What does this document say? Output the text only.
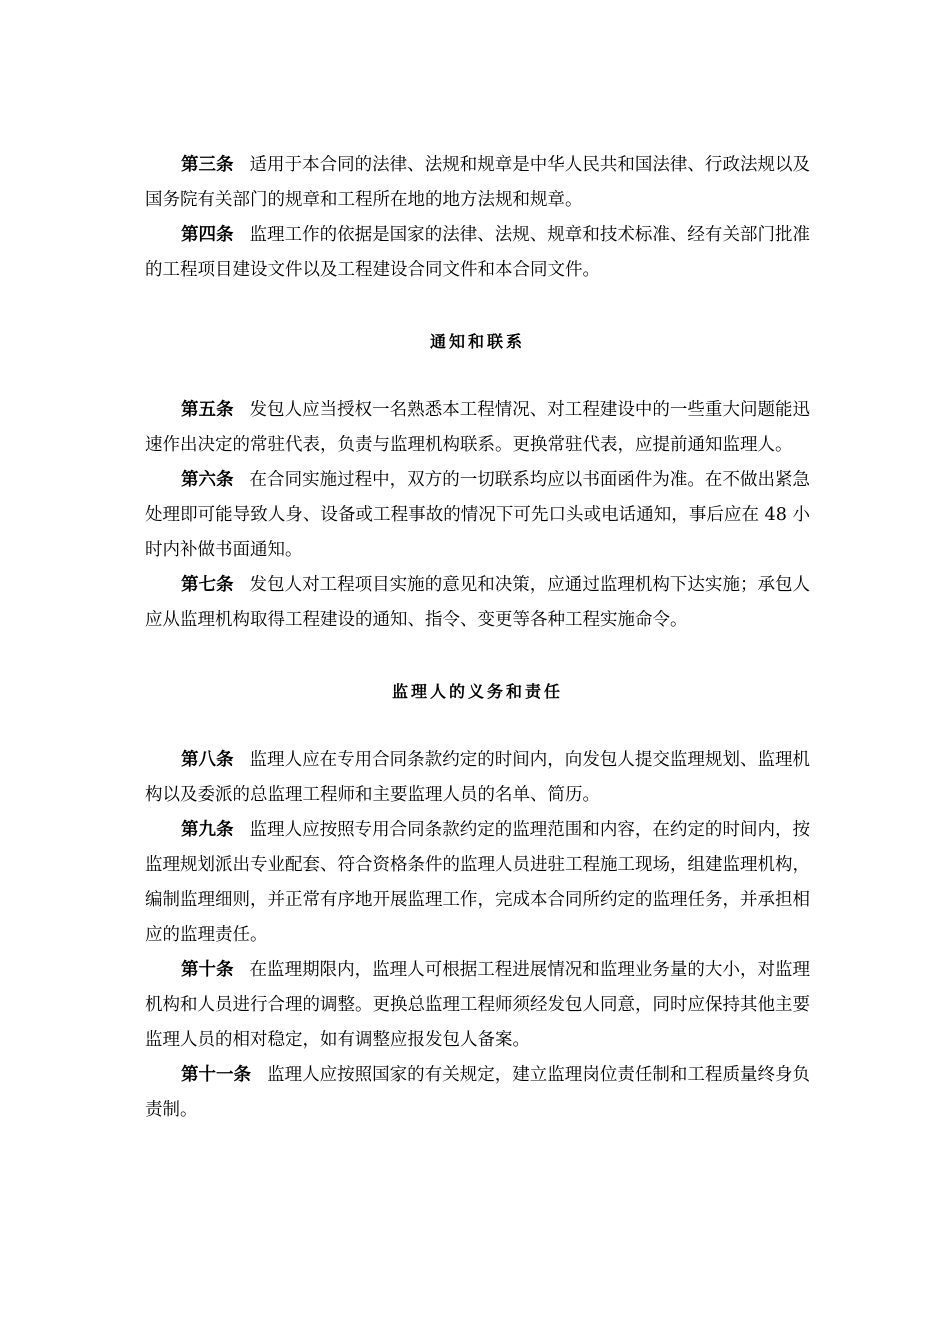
第三条 适用于本合同的法律、法规和规章是中华人民共和国法律、行政法规以及国务院有关部门的规章和工程所在地的地方法规和规章。

第四条 监理工作的依据是国家的法律、法规、规章和技术标准、经有关部门批准的工程项目建设文件以及工程建设合同文件和本合同文件。

通知和联系

第五条 发包人应当授权一名熟悉本工程情况、对工程建设中的一些重大问题能迅速作出决定的常驻代表，负责与监理机构联系。更换常驻代表，应提前通知监理人。

第六条 在合同实施过程中，双方的一切联系均应以书面函件为准。在不做出紧急处理即可能导致人身、设备或工程事故的情况下可先口头或电话通知，事后应在 48 小时内补做书面通知。

第七条 发包人对工程项目实施的意见和决策，应通过监理机构下达实施；承包人应从监理机构取得工程建设的通知、指令、变更等各种工程实施命令。

监理人的义务和责任

第八条 监理人应在专用合同条款约定的时间内，向发包人提交监理规划、监理机构以及委派的总监理工程师和主要监理人员的名单、简历。

第九条 监理人应按照专用合同条款约定的监理范围和内容，在约定的时间内，按监理规划派出专业配套、符合资格条件的监理人员进驻工程施工现场，组建监理机构，编制监理细则，并正常有序地开展监理工作，完成本合同所约定的监理任务，并承担相应的监理责任。

第十条 在监理期限内，监理人可根据工程进展情况和监理业务量的大小，对监理机构和人员进行合理的调整。更换总监理工程师须经发包人同意，同时应保持其他主要监理人员的相对稳定，如有调整应报发包人备案。

第十一条 监理人应按照国家的有关规定，建立监理岗位责任制和工程质量终身负责制。
